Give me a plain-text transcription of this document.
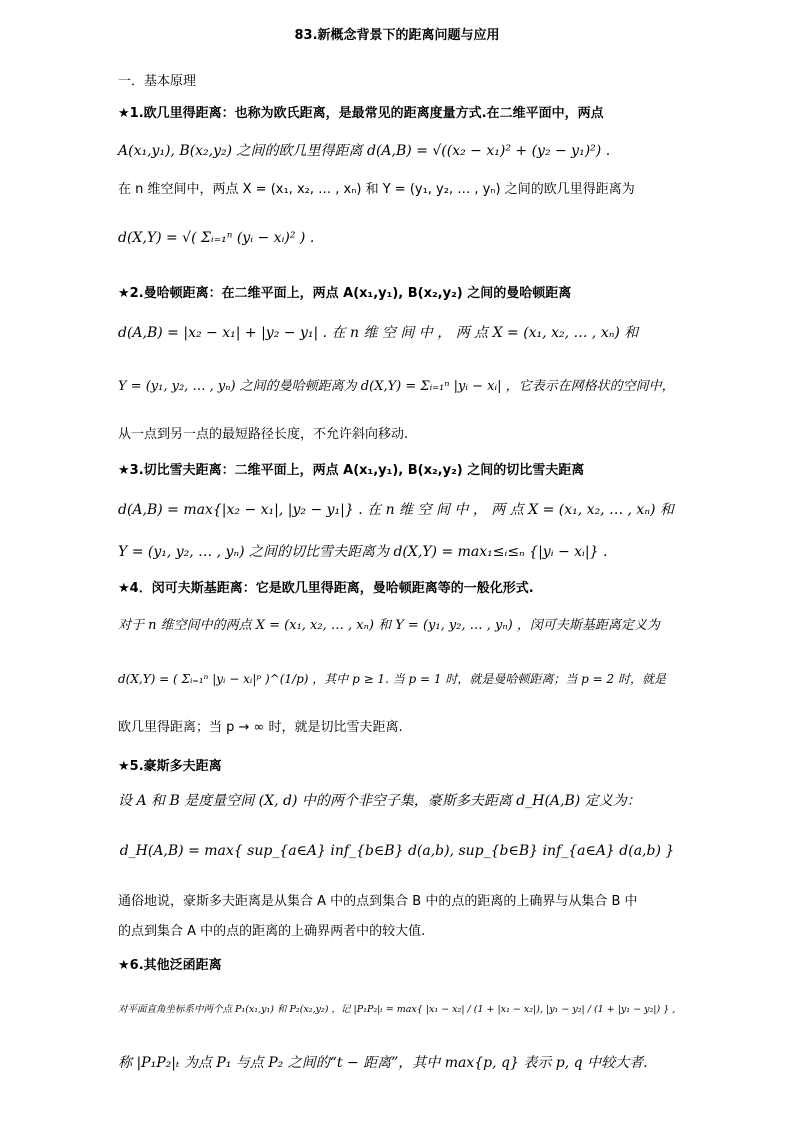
83.新概念背景下的距离问题与应用
一．基本原理
★1.欧几里得距离：也称为欧氏距离，是最常见的距离度量方式.在二维平面中，两点
A(x₁,y₁), B(x₂,y₂) 之间的欧几里得距离 d(A,B) = √((x₂ − x₁)² + (y₂ − y₁)²) .
在 n 维空间中，两点 X = (x₁, x₂, … , xₙ) 和 Y = (y₁, y₂, … , yₙ) 之间的欧几里得距离为
d(X,Y) = √( Σᵢ₌₁ⁿ (yᵢ − xᵢ)² ) .
★2.曼哈顿距离：在二维平面上，两点 A(x₁,y₁), B(x₂,y₂) 之间的曼哈顿距离
d(A,B) = |x₂ − x₁| + |y₂ − y₁| . 在 n 维 空 间 中 ， 两 点 X = (x₁, x₂, … , xₙ) 和
Y = (y₁, y₂, … , yₙ) 之间的曼哈顿距离为 d(X,Y) = Σᵢ₌₁ⁿ |yᵢ − xᵢ| ，它表示在网格状的空间中，
从一点到另一点的最短路径长度，不允许斜向移动.
★3.切比雪夫距离：二维平面上，两点 A(x₁,y₁), B(x₂,y₂) 之间的切比雪夫距离
d(A,B) = max{|x₂ − x₁|, |y₂ − y₁|} . 在 n 维 空 间 中 ， 两 点 X = (x₁, x₂, … , xₙ) 和
Y = (y₁, y₂, … , yₙ) 之间的切比雪夫距离为 d(X,Y) = max₁≤ᵢ≤ₙ {|yᵢ − xᵢ|} .
★4．闵可夫斯基距离：它是欧几里得距离，曼哈顿距离等的一般化形式.
对于 n 维空间中的两点 X = (x₁, x₂, … , xₙ) 和 Y = (y₁, y₂, … , yₙ) ，闵可夫斯基距离定义为
d(X,Y) = ( Σᵢ₌₁ⁿ |yᵢ − xᵢ|ᵖ )^(1/p) ，其中 p ≥ 1. 当 p = 1 时，就是曼哈顿距离；当 p = 2 时，就是
欧几里得距离；当 p → ∞ 时，就是切比雪夫距离.
★5.豪斯多夫距离
设 A 和 B 是度量空间 (X, d) 中的两个非空子集，豪斯多夫距离 d_H(A,B) 定义为：
d_H(A,B) = max{ sup_{a∈A} inf_{b∈B} d(a,b), sup_{b∈B} inf_{a∈A} d(a,b) }
通俗地说，豪斯多夫距离是从集合 A 中的点到集合 B 中的点的距离的上确界与从集合 B 中
的点到集合 A 中的点的距离的上确界两者中的较大值.
★6.其他泛函距离
对平面直角坐标系中两个点 P₁(x₁,y₁) 和 P₂(x₂,y₂) ，记 |P₁P₂|ₜ = max{ |x₁ − x₂| / (1 + |x₁ − x₂|), |y₁ − y₂| / (1 + |y₁ − y₂|) } ,
称 |P₁P₂|ₜ 为点 P₁ 与点 P₂ 之间的“t − 距离”，其中 max{p, q} 表示 p, q 中较大者.
